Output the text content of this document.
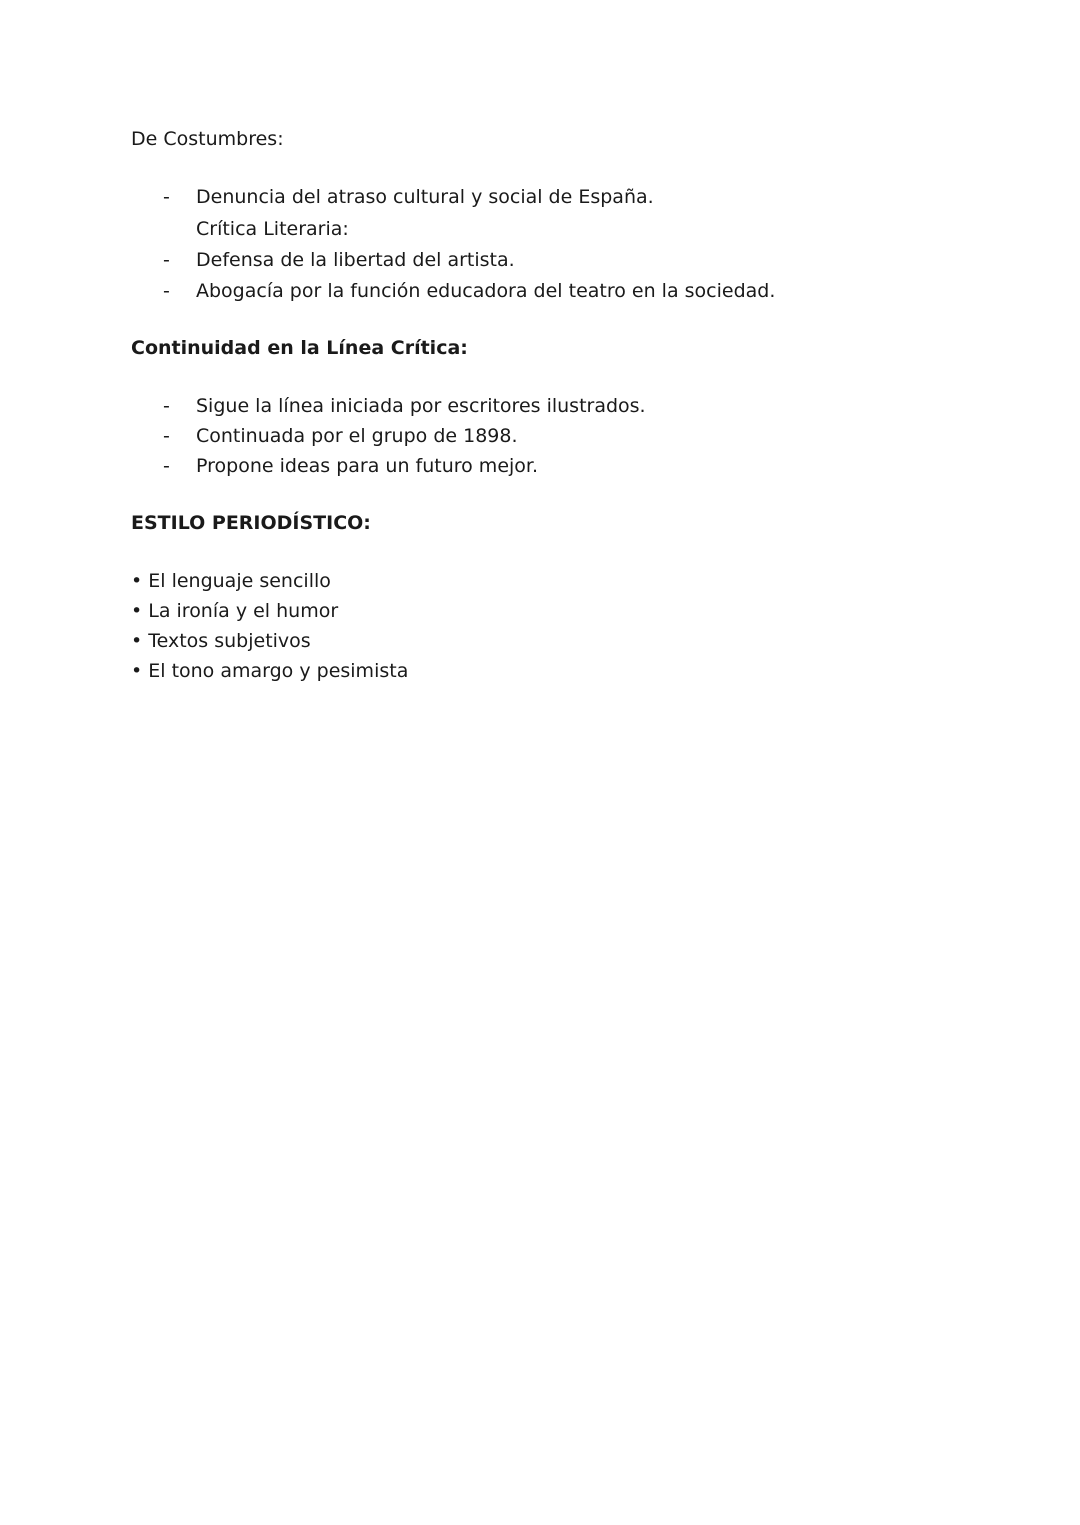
De Costumbres:
- Denuncia del atraso cultural y social de España.
Crítica Literaria:
- Defensa de la libertad del artista.
- Abogacía por la función educadora del teatro en la sociedad.
Continuidad en la Línea Crítica:
- Sigue la línea iniciada por escritores ilustrados.
- Continuada por el grupo de 1898.
- Propone ideas para un futuro mejor.
ESTILO PERIODÍSTICO:
• El lenguaje sencillo
• La ironía y el humor
• Textos subjetivos
• El tono amargo y pesimista
